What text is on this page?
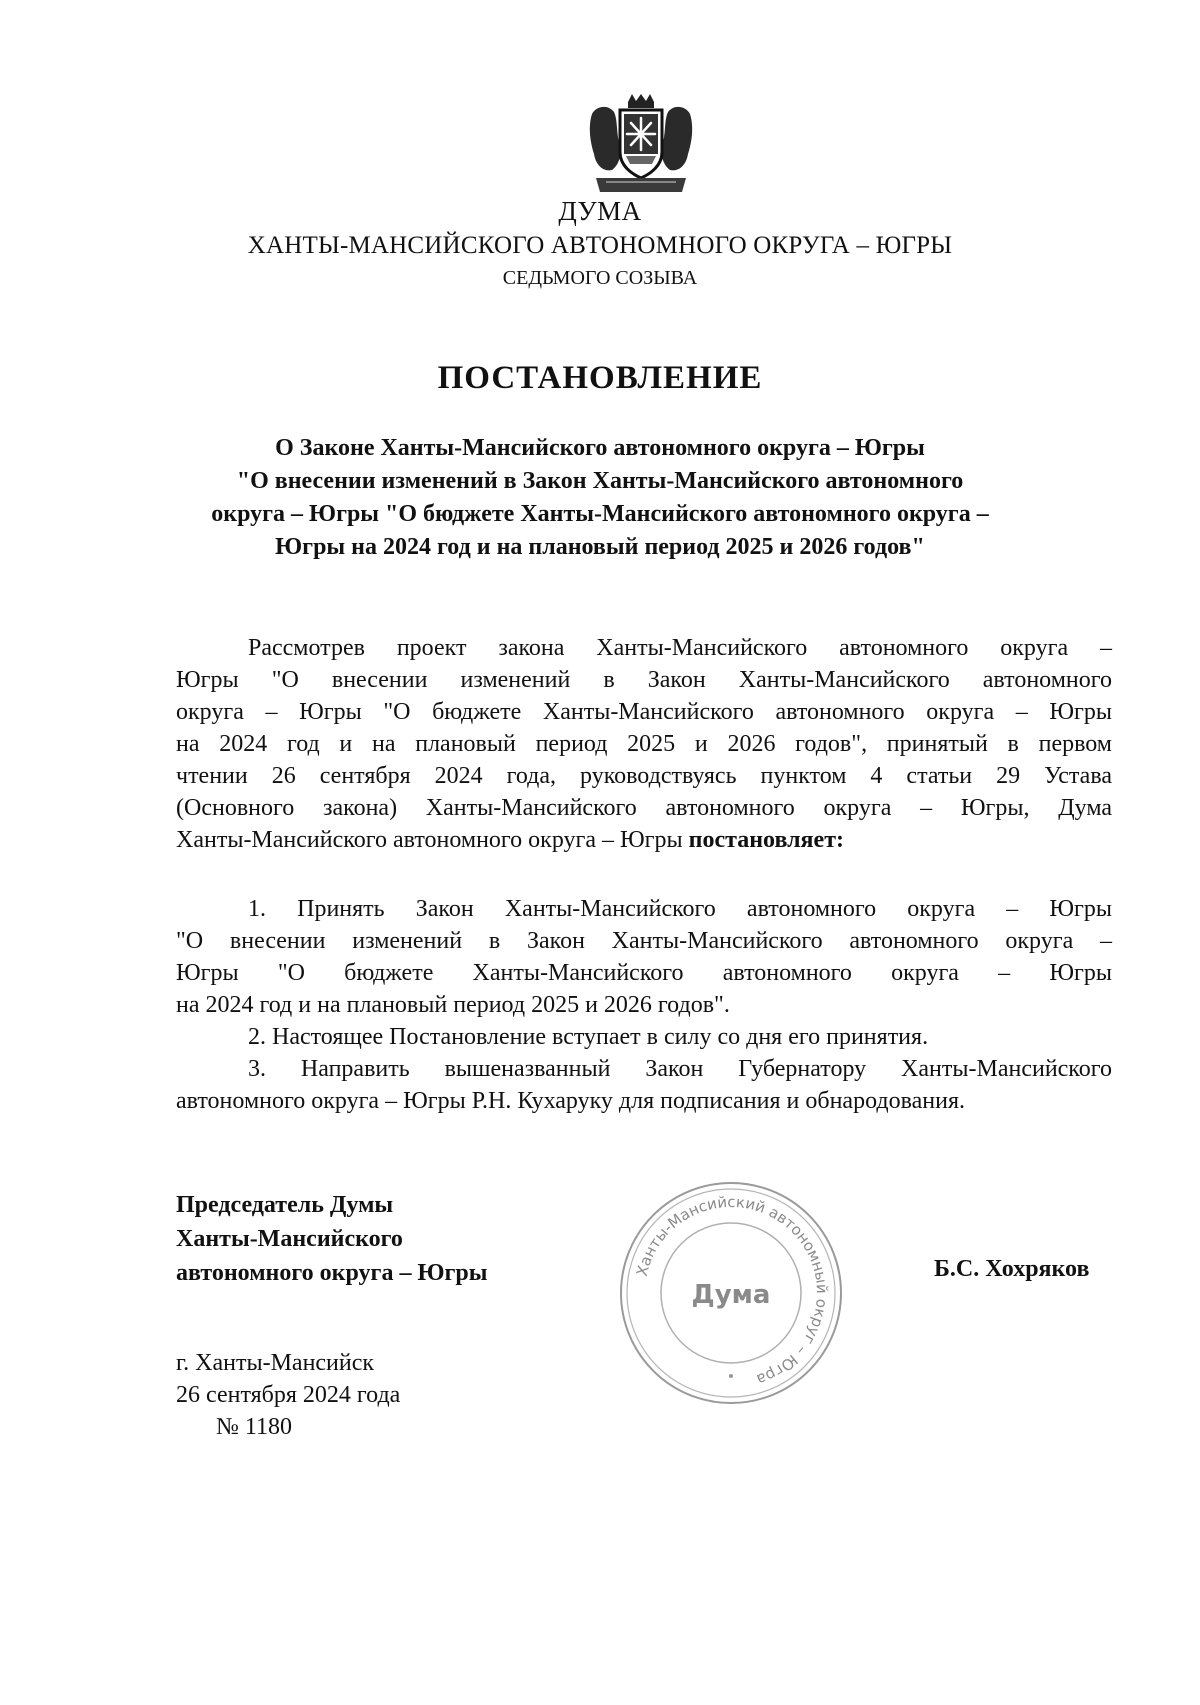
ДУМА
ХАНТЫ-МАНСИЙСКОГО АВТОНОМНОГО ОКРУГА – ЮГРЫ
СЕДЬМОГО СОЗЫВА
ПОСТАНОВЛЕНИЕ
О Законе Ханты-Мансийского автономного округа – Югры
"О внесении изменений в Закон Ханты-Мансийского автономного
округа – Югры "О бюджете Ханты-Мансийского автономного округа –
Югры на 2024 год и на плановый период 2025 и 2026 годов"
Рассмотрев проект закона Ханты-Мансийского автономного округа –
Югры "О внесении изменений в Закон Ханты-Мансийского автономного
округа – Югры "О бюджете Ханты-Мансийского автономного округа – Югры
на 2024 год и на плановый период 2025 и 2026 годов", принятый в первом
чтении 26 сентября 2024 года, руководствуясь пунктом 4 статьи 29 Устава
(Основного закона) Ханты-Мансийского автономного округа – Югры, Дума
Ханты-Мансийского автономного округа – Югры постановляет:
1. Принять Закон Ханты-Мансийского автономного округа – Югры
"О внесении изменений в Закон Ханты-Мансийского автономного округа –
Югры "О бюджете Ханты-Мансийского автономного округа – Югры
на 2024 год и на плановый период 2025 и 2026 годов".
2. Настоящее Постановление вступает в силу со дня его принятия.
3. Направить вышеназванный Закон Губернатору Ханты-Мансийского
автономного округа – Югры Р.Н. Кухаруку для подписания и обнародования.
Председатель Думы
Ханты-Мансийского
автономного округа – Югры	Ханты-Мансийский автономный округ – Югра
Дума
Б.С. Хохряков
г. Ханты-Мансийск
26 сентября 2024 года
№ 1180
